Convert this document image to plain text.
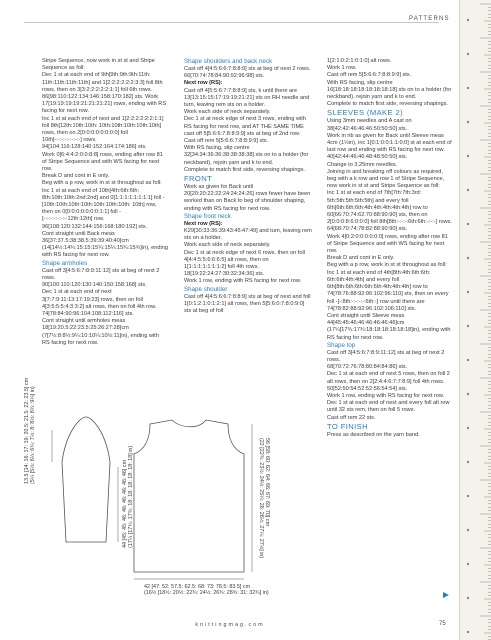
PATTERNS

Stripe Sequence, now work in st st and Stripe Sequence as foll:

Dec 1 st at each end of 9th[9th:9th:9th:11th: 11th:11th:11th:11th] and 1[2:2:2:2:2:2:3:3] foll 8th rows, then on 3[3:2:2:2:2:2:1:1] foll 6th rows. 86[98:110:122:134:146:158:170:182] sts. Work 17[19:19:19:19:21:21:21:21] rows, ending with RS facing for next row.

Inc 1 st at each end of next and 1[2:2:2:2:2:2:1:1] foll 8th[12th:10th:10th: 10th:10th:10th:10th:10th] rows, then on 2[0:0:0:0:0:0:0:0] foll 10th[-:-:-:-:-:-:-:-] rows. 94[104:116:128:140:152:164:174:186] sts.

Work 0[6:4:4:2:0:0:8:8] rows, ending after row 81 of Stripe Sequence and with WS facing for next row.

Break D and cont in E only.

Beg with a p row, work in st st throughout as foll:

Inc 1 st at each end of 10th[4th:6th:6th: 8th:10th:10th:2nd:2nd] and 0[1:1:1:1:1:1:1:1] foll -[10th:10th:10th:10th:10th:10th:10th: 10th] row, then on 0[0:0:0:0:0:0:0:1:1] foll -[-:-:-:-:-:-:-:12th:12th] row.

96[108:120:132:144:156:168:180:192] sts.

Cont straight until Back meas 36[37:37.5:38:38.5:39:39:40:40]cm (14[14½:14¾:15:15:15¼:15¼:15¾:15¾]in), ending with RS facing for next row.

Shape armholes

Cast off 3[4:5:6:7:8:9:11:12] sts at beg of next 2 rows.

90[100:110:120:130:140:150:158:168] sts.

Dec 1 st at each end of next 3[7:7:9:11:13:17:19:23] rows, then on foll 4[3:5:5:5:4:3:3:2] alt rows, then on foll 4th row. 74[78:84:90:96:104:108:112:116] sts.

Cont straight until armholes meas 18[19:20.5:22:23.5:25:26:27:28]cm (7[7½:8:8½:9¼:10:10¼:10½:11]in), ending with RS facing for next row.

Shape shoulders and back neck

Cast off 4[4:5:6:6:7:8:8:9] sts at beg of next 2 rows. 66[70:74:78:84:90:92:96:98] sts.

Next row (RS):

Cast off 4[5:5:6:7:7:8:8:9] sts, k until there are 13[13:15:15:17:19:19:21:21] sts on RH needle and turn, leaving rem sts on a holder.

Work each side of neck separately.

Dec 1 st at neck edge of next 3 rows, ending with RS facing for next row, and AT THE SAME TIME cast off 5[5:6:6:7:8:8:9:9] sts at beg of 2nd row.

Cast off rem 5[5:6:6:7:8:8:9:9] sts.

With RS facing, slip centre 32[34:34:36:36:38:38:38:38] sts on to a holder (for neckband), rejoin yarn and k to end.

Complete to match first side, reversing shapings.

FRONT

Work as given for Back until 20[20:20:22:22:24:24:24:26] rows fewer have been worked than on Back to beg of shoulder shaping, ending with RS facing for next row.

Shape front neck

Next row (RS):

K29[30:33:36:39:43:45:47:49] and turn, leaving rem sts on a holder.

Work each side of neck separately.

Dec 1 st at neck edge of next 6 rows, then on foll 4[4:4:5:5:6:6:6:5] alt rows, then on 1[1:1:1:1:1:1:1:2] foll 4th rows. 18[19:22:24:27:30:32:34:36] sts.

Work 1 row, ending with RS facing for next row.

Shape shoulder

Cast off 4[4:5:6:6:7:8:8:9] sts at beg of next and foll 1[0:1:2:1:0:1:2:1] alt rows, then 5[5:6:0:7:8:0:9:0] sts at beg of foll

1[2:1:0:2:1:0:1:0] alt rows.

Work 1 row.

Cast off rem 5[5:6:6:7:8:8:9:9] sts.

With RS facing, slip centre 16[18:18:18:18:18:18:18:18] sts on to a holder (for neckband), rejoin yarn and k to end.

Complete to match first side, reversing shapings.

SLEEVES (MAKE 2)

Using 3mm needles and A cast on 38[42:42:46:46:46:50:50:50] sts.

Work in rib as given for Back until Sleeve meas 4cm (1½in), inc 1[0:1:0:0:1:1:0:0] st at each end of last row and ending with RS facing for next row. 40[42:44:46:46:48:48:50:50] sts.

Change to 3.25mm needles.

Joining in and breaking off colours as required, beg with a k row and row 1 of Stripe Sequence, now work in st st and Stripe Sequence as foll:

Inc 1 st at each end of 7th[7th:7th:3rd: 5th:5th:5th:5th:5th] and every foll 6th[6th:6th:6th:4th:4th:4th:4th:4th] row to 60[66:70:74:62:70:88:90:90] sts, then on 2[0:0:0:8:6:0:0:0] foll 8th[8th:-:-:-:6th:6th:-:-:-] rows.

64[68:70:74:78:82:88:90:90] sts.

Work 4[0:2:0:0:0:0:0:0] rows, ending after row 81 of Stripe Sequence and with WS facing for next row.

Break D and cont in E only.

Beg with a p row, work in st st throughout as foll:

Inc 1 st at each end of 4th[8th:4th:6th:6th: 6th:6th:4th:4th] and every foll 6th[8th:6th:6th:6th:6th:4th:4th:4th] row to 74[78:76:88:92:96:102:96:110] sts, then on every foll -[-:8th:-:-:-:-:6th:-] row until there are 74[78:82:88:92:96:102:106:110] sts.

Cont straight until Sleeve meas 44[45:45:46:46:46:46:46:46]cm (17¼[17¾:17¾:18:18:18:18:18:18]in), ending with RS facing for next row.

Shape top

Cast off 3[4:5:6:7:8:9:11:12] sts at beg of next 2 rows.

68[70:72:76:78:80:84:84:86] sts.

Dec 1 st at each end of next 5 rows, then on foll 2 alt rows, then on 2[2:4:4:6:7:7:8:9] foll 4th rows.

50[52:50:54:52:52:56:54:54] sts.

Work 1 row, ending with RS facing for next row.

Dec 1 st at each end of next and every foll alt row until 32 sts rem, then on foll 5 rows.

Cast off rem 22 sts.

TO FINISH

Press as described on the yarn band.

13.5 [14: 16: 17: 19: 20.5: 21.5: 22: 23.5] cm (5¼ [5½: 6¼: 6¾: 7½: 8: 8½: 8¾: 9¼] in)
44 [45: 45: 46: 46: 46: 46: 46: 46] cm (17¼ [17¾: 17¾: 18: 18: 18: 18: 18: 18] in)	56 [58: 60: 62: 64: 66: 67: 69: 70] cm
(22 [22¾: 23½: 24½: 25¼: 26: 26½: 27¼: 27½] in)
42 [47: 52: 57.5: 62.5: 68: 73: 78.5: 83.5] cm
(16½ [18½: 20½: 22¾: 24½: 26¾: 28¾: 31: 32¾] in)
knittingmag.com	75
